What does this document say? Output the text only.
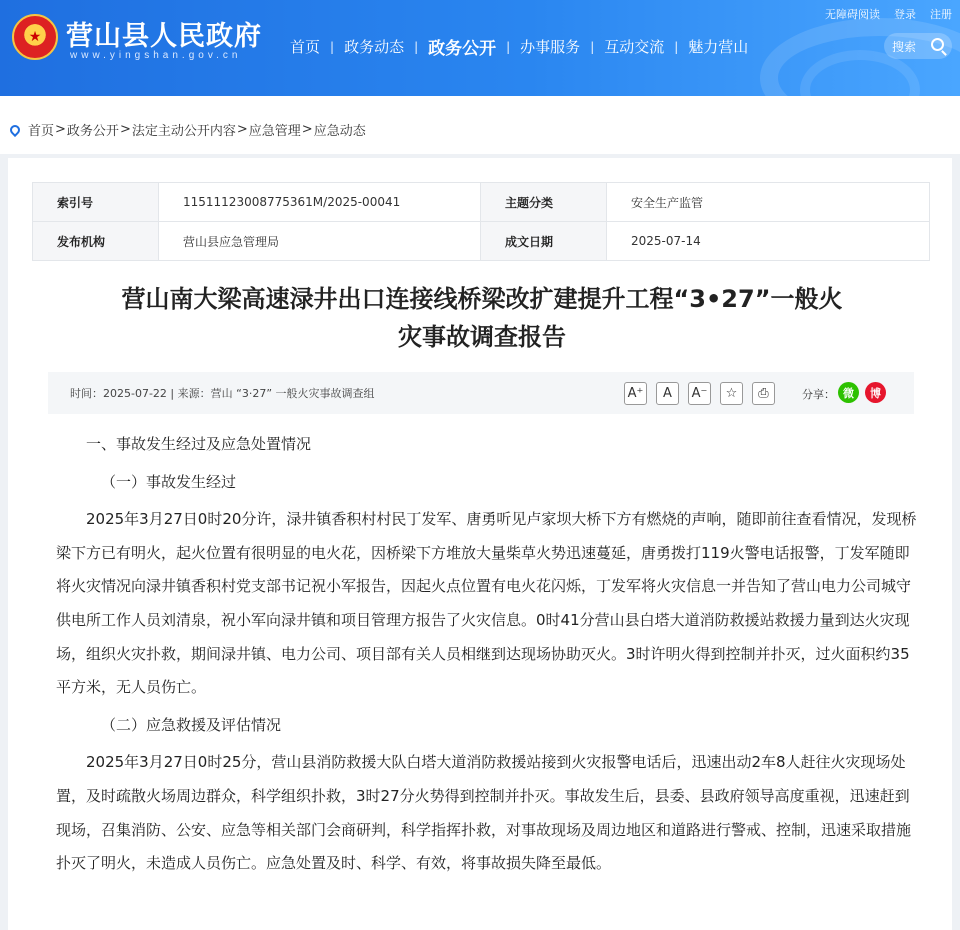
★ 营山县人民政府
www.yingshan.gov.cn
无障碍阅读 登录 注册
首页 | 政务动态 | 政务公开 | 办事服务 | 互动交流 | 魅力营山	搜索
首页 > 政务公开 > 法定主动公开内容 > 应急管理 > 应急动态
索引号	11511123008775361M/2025-00041	主题分类	安全生产监管
发布机构	营山县应急管理局	成文日期	2025-07-14
营山南大梁高速渌井出口连接线桥梁改扩建提升工程“3•27”一般火
灾事故调查报告
时间：2025-07-22 | 来源：营山 “3·27” 一般火灾事故调查组	A⁺	A	A⁻	☆	⎙	分享： 微	博

一、事故发生经过及应急处置情况

（一）事故发生经过

2025年3月27日0时20分许，渌井镇香积村村民丁发军、唐勇听见卢家坝大桥下方有燃烧的声响，随即前往查看情况，发现桥梁下方已有明火，起火位置有很明显的电火花，因桥梁下方堆放大量柴草火势迅速蔓延，唐勇拨打119火警电话报警，丁发军随即将火灾情况向渌井镇香积村党支部书记祝小军报告，因起火点位置有电火花闪烁，丁发军将火灾信息一并告知了营山电力公司城守供电所工作人员刘清泉，祝小军向渌井镇和项目管理方报告了火灾信息。0时41分营山县白塔大道消防救援站救援力量到达火灾现场，组织火灾扑救，期间渌井镇、电力公司、项目部有关人员相继到达现场协助灭火。3时许明火得到控制并扑灭，过火面积约35平方米，无人员伤亡。

（二）应急救援及评估情况

2025年3月27日0时25分，营山县消防救援大队白塔大道消防救援站接到火灾报警电话后，迅速出动2车8人赶往火灾现场处置，及时疏散火场周边群众，科学组织扑救，3时27分火势得到控制并扑灭。事故发生后，县委、县政府领导高度重视，迅速赶到现场，召集消防、公安、应急等相关部门会商研判，科学指挥扑救，对事故现场及周边地区和道路进行警戒、控制，迅速采取措施扑灭了明火，未造成人员伤亡。应急处置及时、科学、有效，将事故损失降至最低。
